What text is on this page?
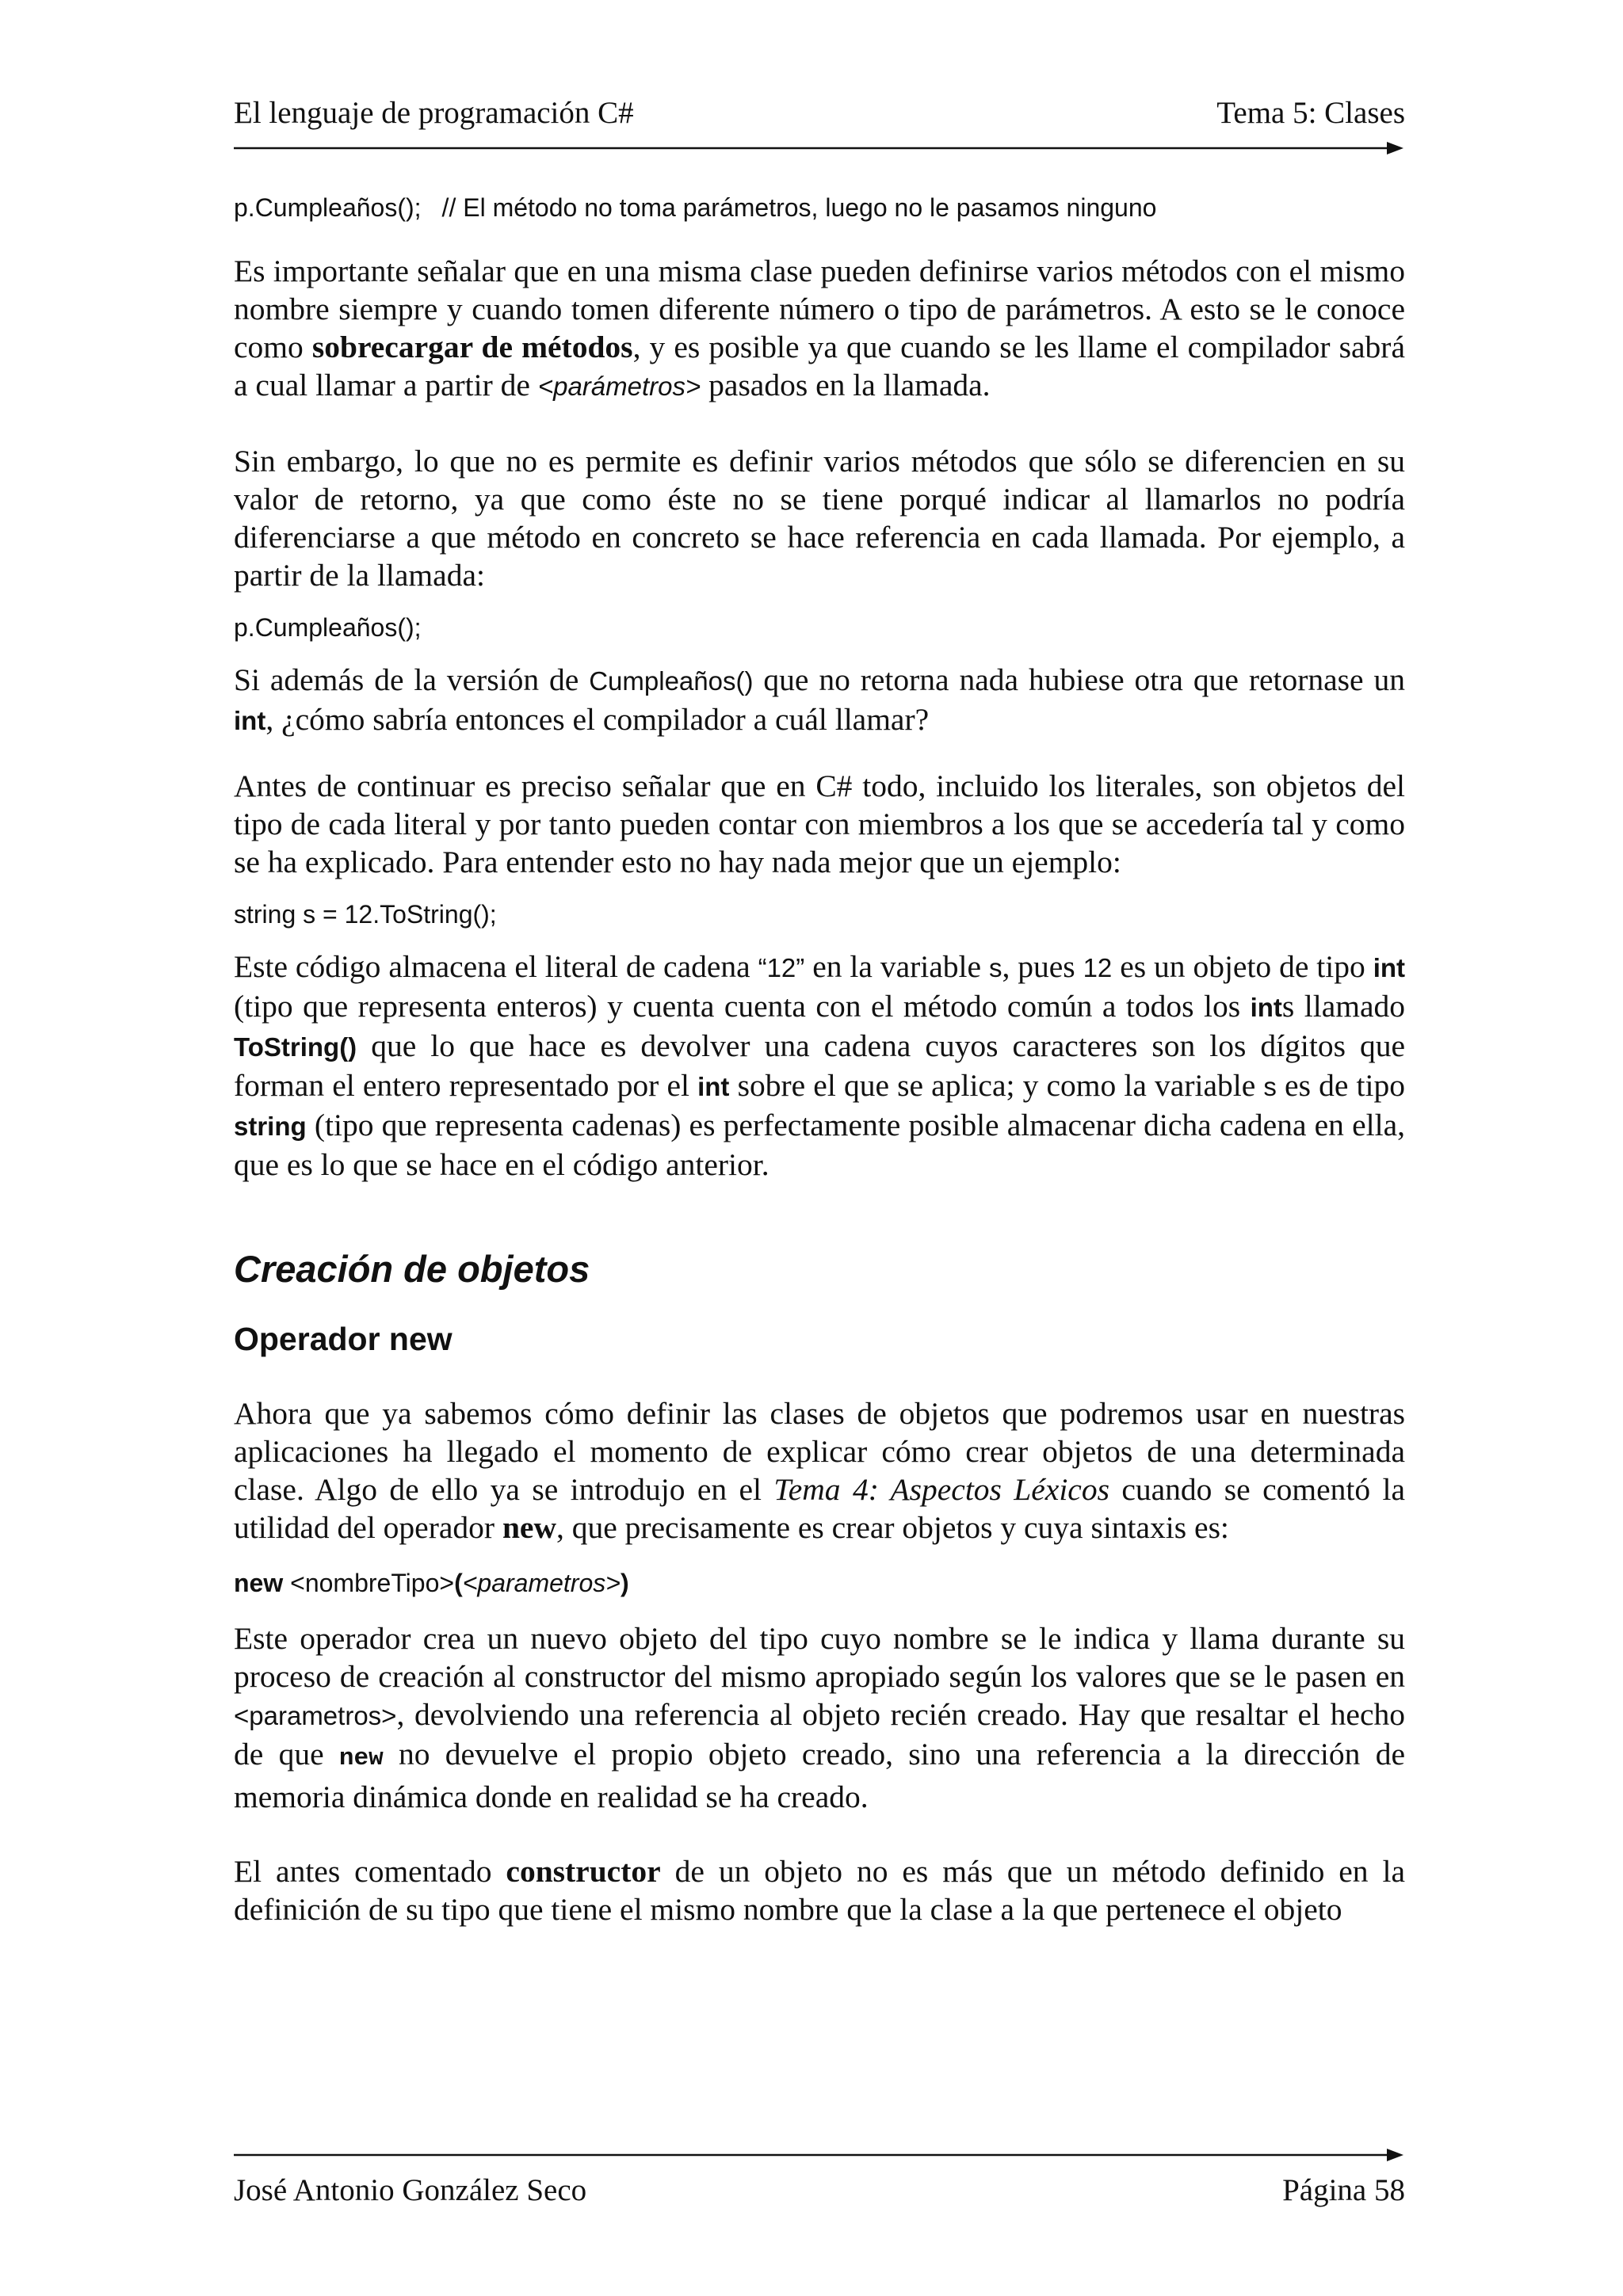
El lenguaje de programación C#	Tema 5: Clases

p.Cumpleaños(); // El método no toma parámetros, luego no le pasamos ninguno

Es importante señalar que en una misma clase pueden definirse varios métodos con el mismo nombre siempre y cuando tomen diferente número o tipo de parámetros. A esto se le conoce como sobrecargar de métodos, y es posible ya que cuando se les llame el compilador sabrá a cual llamar a partir de <parámetros> pasados en la llamada.

Sin embargo, lo que no es permite es definir varios métodos que sólo se diferencien en su valor de retorno, ya que como éste no se tiene porqué indicar al llamarlos no podría diferenciarse a que método en concreto se hace referencia en cada llamada. Por ejemplo, a partir de la llamada:

p.Cumpleaños();

Si además de la versión de Cumpleaños() que no retorna nada hubiese otra que retornase un int, ¿cómo sabría entonces el compilador a cuál llamar?

Antes de continuar es preciso señalar que en C# todo, incluido los literales, son objetos del tipo de cada literal y por tanto pueden contar con miembros a los que se accedería tal y como se ha explicado. Para entender esto no hay nada mejor que un ejemplo:

string s = 12.ToString();

Este código almacena el literal de cadena “12” en la variable s, pues 12 es un objeto de tipo int (tipo que representa enteros) y cuenta cuenta con el método común a todos los ints llamado ToString() que lo que hace es devolver una cadena cuyos caracteres son los dígitos que forman el entero representado por el int sobre el que se aplica; y como la variable s es de tipo string (tipo que representa cadenas) es perfectamente posible almacenar dicha cadena en ella, que es lo que se hace en el código anterior.

Creación de objetos
Operador new

Ahora que ya sabemos cómo definir las clases de objetos que podremos usar en nuestras aplicaciones ha llegado el momento de explicar cómo crear objetos de una determinada clase. Algo de ello ya se introdujo en el Tema 4: Aspectos Léxicos cuando se comentó la utilidad del operador new, que precisamente es crear objetos y cuya sintaxis es:

new <nombreTipo>(<parametros>)

Este operador crea un nuevo objeto del tipo cuyo nombre se le indica y llama durante su proceso de creación al constructor del mismo apropiado según los valores que se le pasen en <parametros>, devolviendo una referencia al objeto recién creado. Hay que resaltar el hecho de que new no devuelve el propio objeto creado, sino una referencia a la dirección de memoria dinámica donde en realidad se ha creado.

El antes comentado constructor de un objeto no es más que un método definido en la definición de su tipo que tiene el mismo nombre que la clase a la que pertenece el objeto

José Antonio González Seco	Página 58
